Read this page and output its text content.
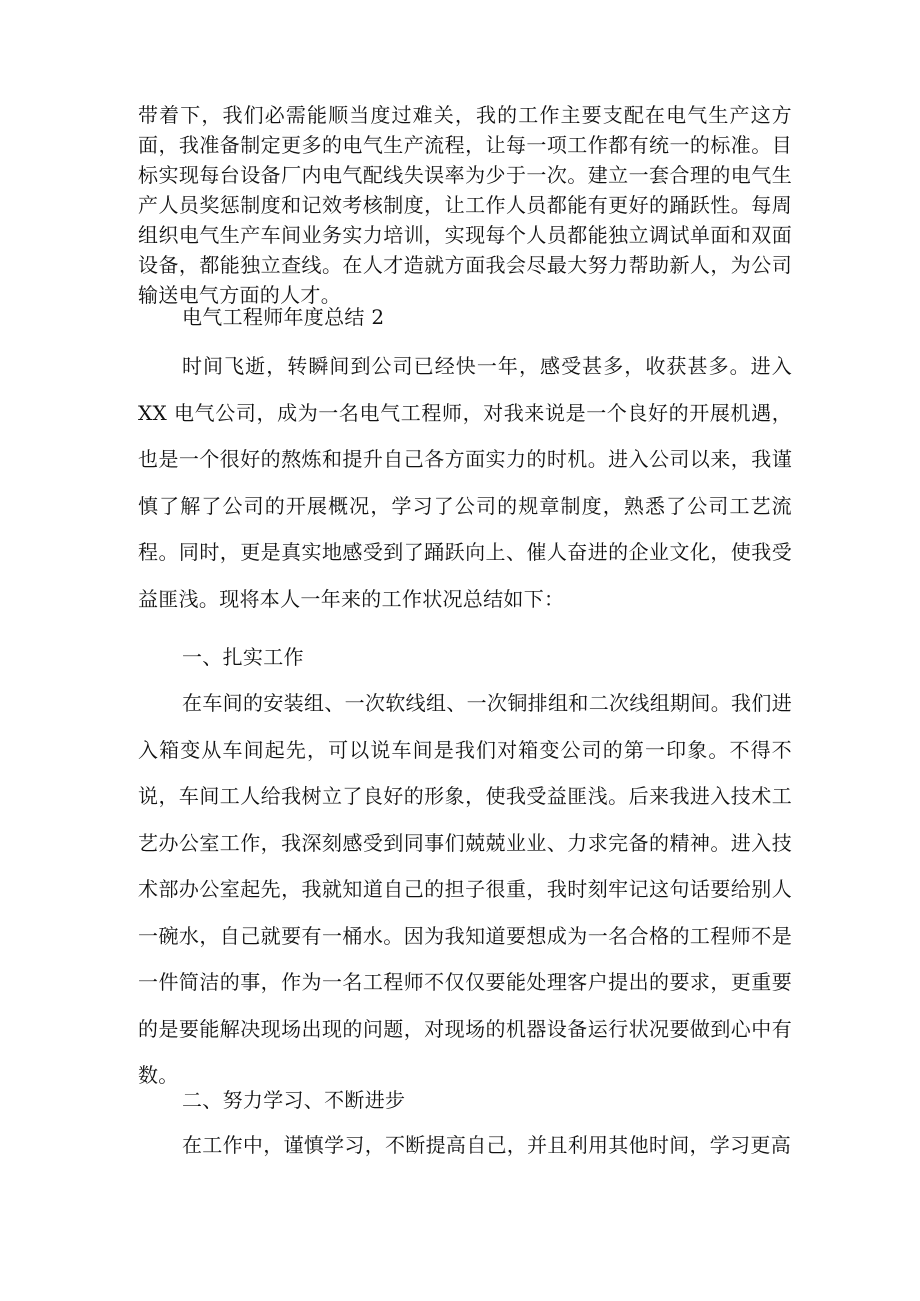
带着下，我们必需能顺当度过难关，我的工作主要支配在电气生产这方面，我准备制定更多的电气生产流程，让每一项工作都有统一的标准。目标实现每台设备厂内电气配线失误率为少于一次。建立一套合理的电气生产人员奖惩制度和记效考核制度，让工作人员都能有更好的踊跃性。每周组织电气生产车间业务实力培训，实现每个人员都能独立调试单面和双面设备，都能独立查线。在人才造就方面我会尽最大努力帮助新人，为公司输送电气方面的人才。

电气工程师年度总结 2

时间飞逝，转瞬间到公司已经快一年，感受甚多，收获甚多。进入 XX 电气公司，成为一名电气工程师，对我来说是一个良好的开展机遇，也是一个很好的熬炼和提升自己各方面实力的时机。进入公司以来，我谨慎了解了公司的开展概况，学习了公司的规章制度，熟悉了公司工艺流程。同时，更是真实地感受到了踊跃向上、催人奋进的企业文化，使我受益匪浅。现将本人一年来的工作状况总结如下：

一、扎实工作

在车间的安装组、一次软线组、一次铜排组和二次线组期间。我们进入箱变从车间起先，可以说车间是我们对箱变公司的第一印象。不得不说，车间工人给我树立了良好的形象，使我受益匪浅。后来我进入技术工艺办公室工作，我深刻感受到同事们兢兢业业、力求完备的精神。进入技术部办公室起先，我就知道自己的担子很重，我时刻牢记这句话要给别人一碗水，自己就要有一桶水。因为我知道要想成为一名合格的工程师不是一件简洁的事，作为一名工程师不仅仅要能处理客户提出的要求，更重要的是要能解决现场出现的问题，对现场的机器设备运行状况要做到心中有数。

二、努力学习、不断进步

在工作中，谨慎学习，不断提高自己，并且利用其他时间，学习更高
